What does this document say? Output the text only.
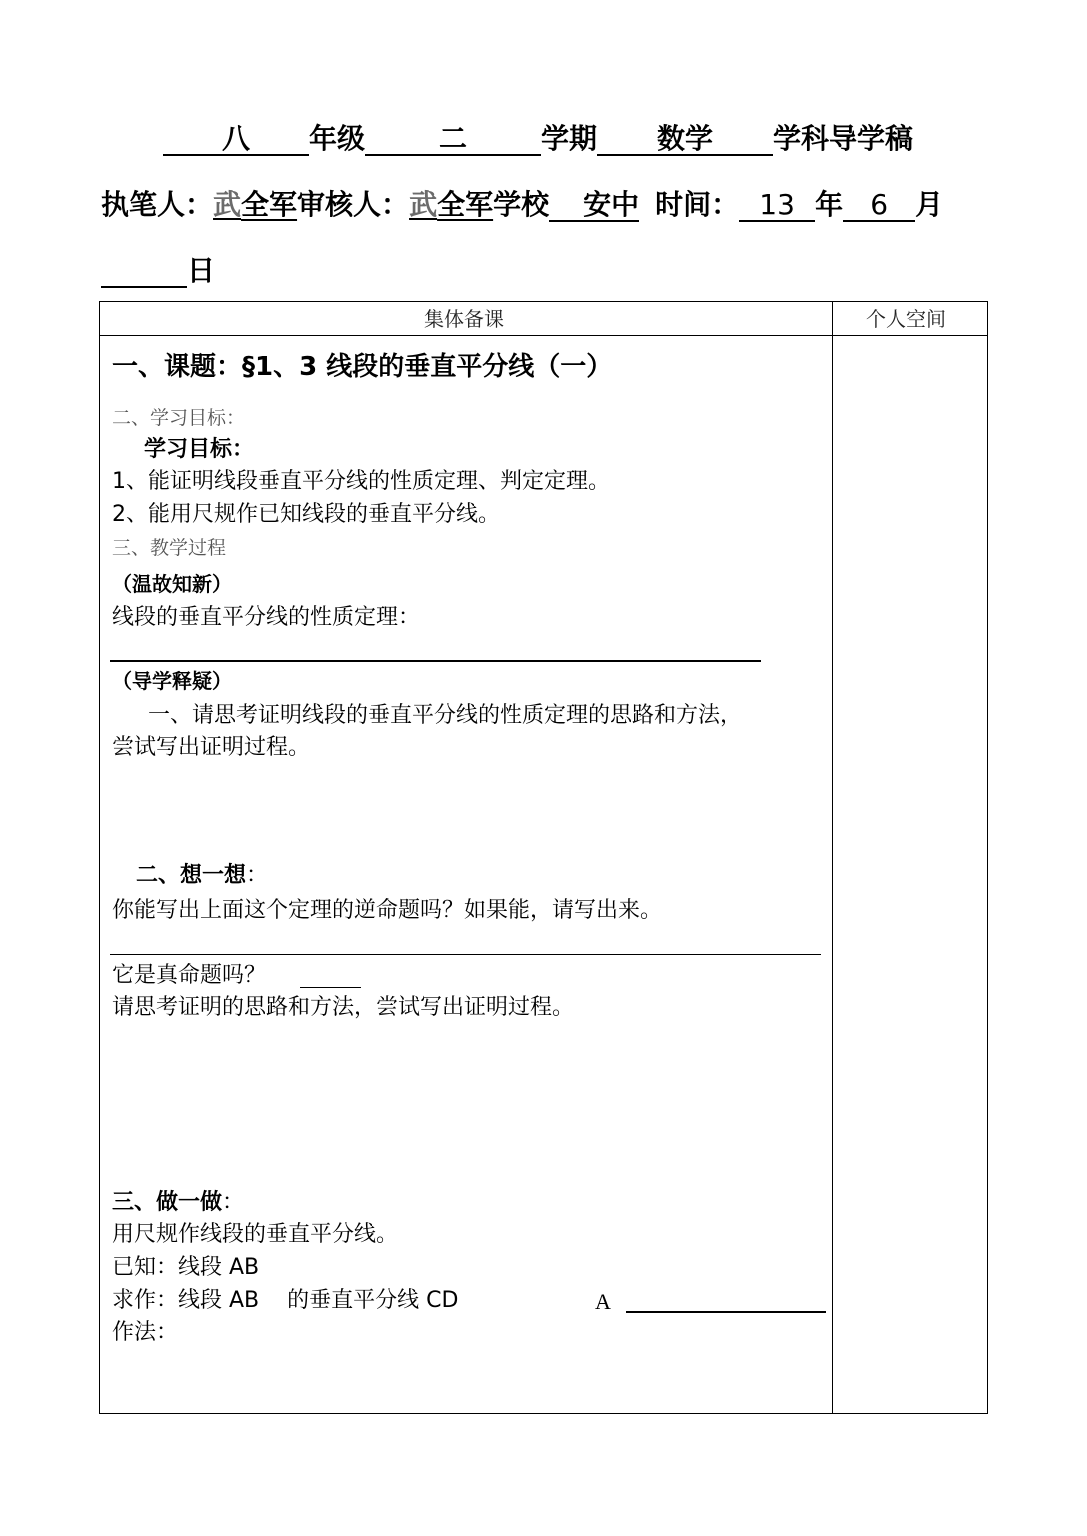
八 年级	二	学期 数学 学科导学稿
执笔人：武全军审核人：武全军学校 安中 时间： 13 年 6 月
日
集体备课	个人空间
一、课题：§1、3 线段的垂直平分线（一）
二、学习目标：
学习目标：
1、能证明线段垂直平分线的性质定理、判定定理。
2、能用尺规作已知线段的垂直平分线。
三、教学过程
（温故知新）
线段的垂直平分线的性质定理：
（导学释疑）
一、请思考证明线段的垂直平分线的性质定理的思路和方法，
尝试写出证明过程。
二、想一想：
你能写出上面这个定理的逆命题吗？如果能，请写出来。
它是真命题吗？
请思考证明的思路和方法，尝试写出证明过程。
三、做一做：
用尺规作线段的垂直平分线。
已知：线段 AB
求作：线段 AB    的垂直平分线 CD	A
作法：
